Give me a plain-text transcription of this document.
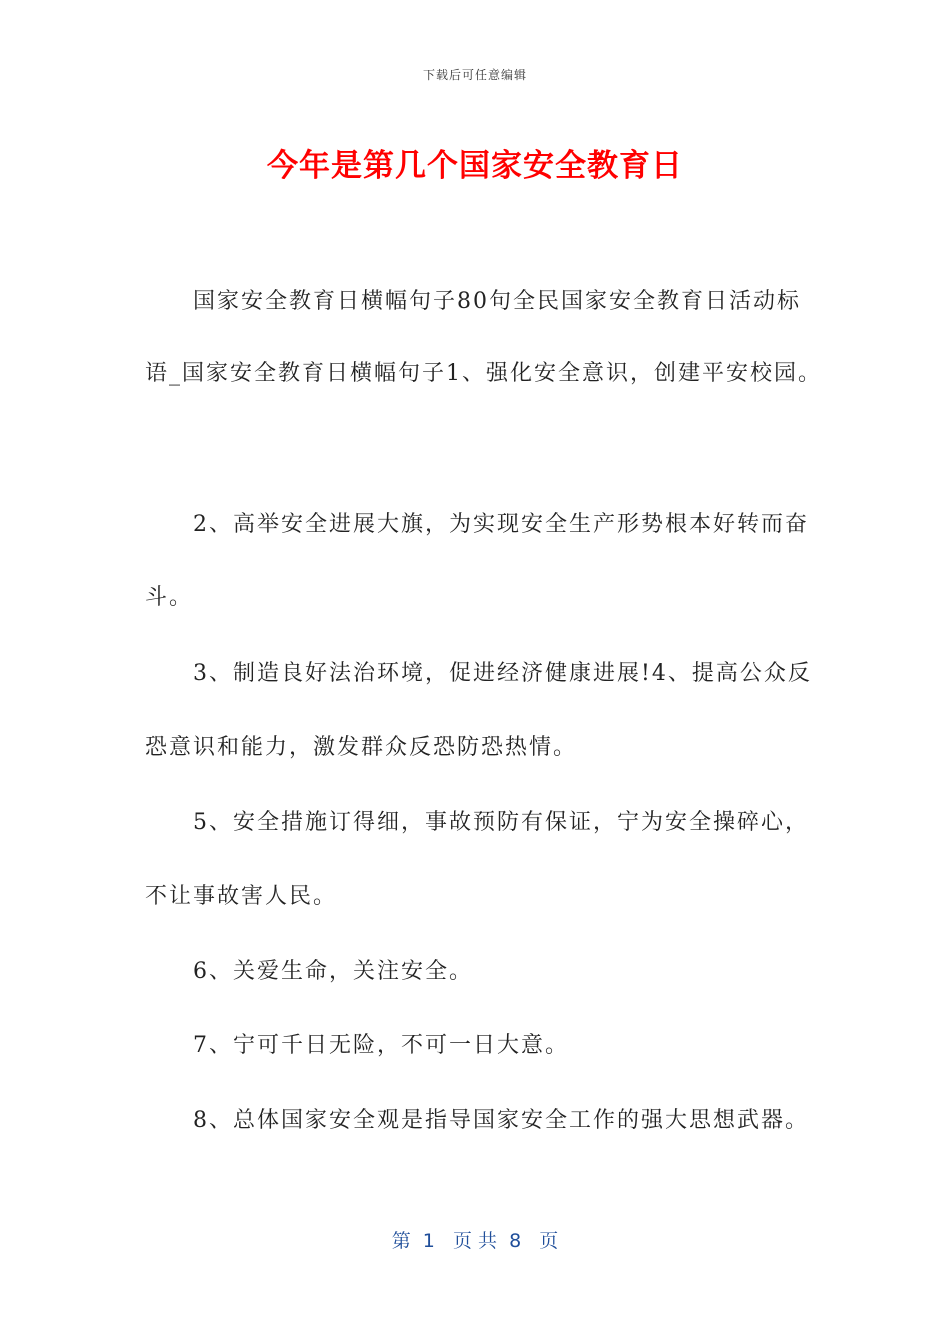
下载后可任意编辑
今年是第几个国家安全教育日
　　国家安全教育日横幅句子80句全民国家安全教育日活动标
语_国家安全教育日横幅句子1、强化安全意识，创建平安校园。
　　2、高举安全进展大旗，为实现安全生产形势根本好转而奋
斗。
　　3、制造良好法治环境，促进经济健康进展!4、提高公众反
恐意识和能力，激发群众反恐防恐热情。
　　5、安全措施订得细，事故预防有保证，宁为安全操碎心，
不让事故害人民。
　　6、关爱生命，关注安全。
　　7、宁可千日无险，不可一日大意。
　　8、总体国家安全观是指导国家安全工作的强大思想武器。
第  1   页 共  8   页
